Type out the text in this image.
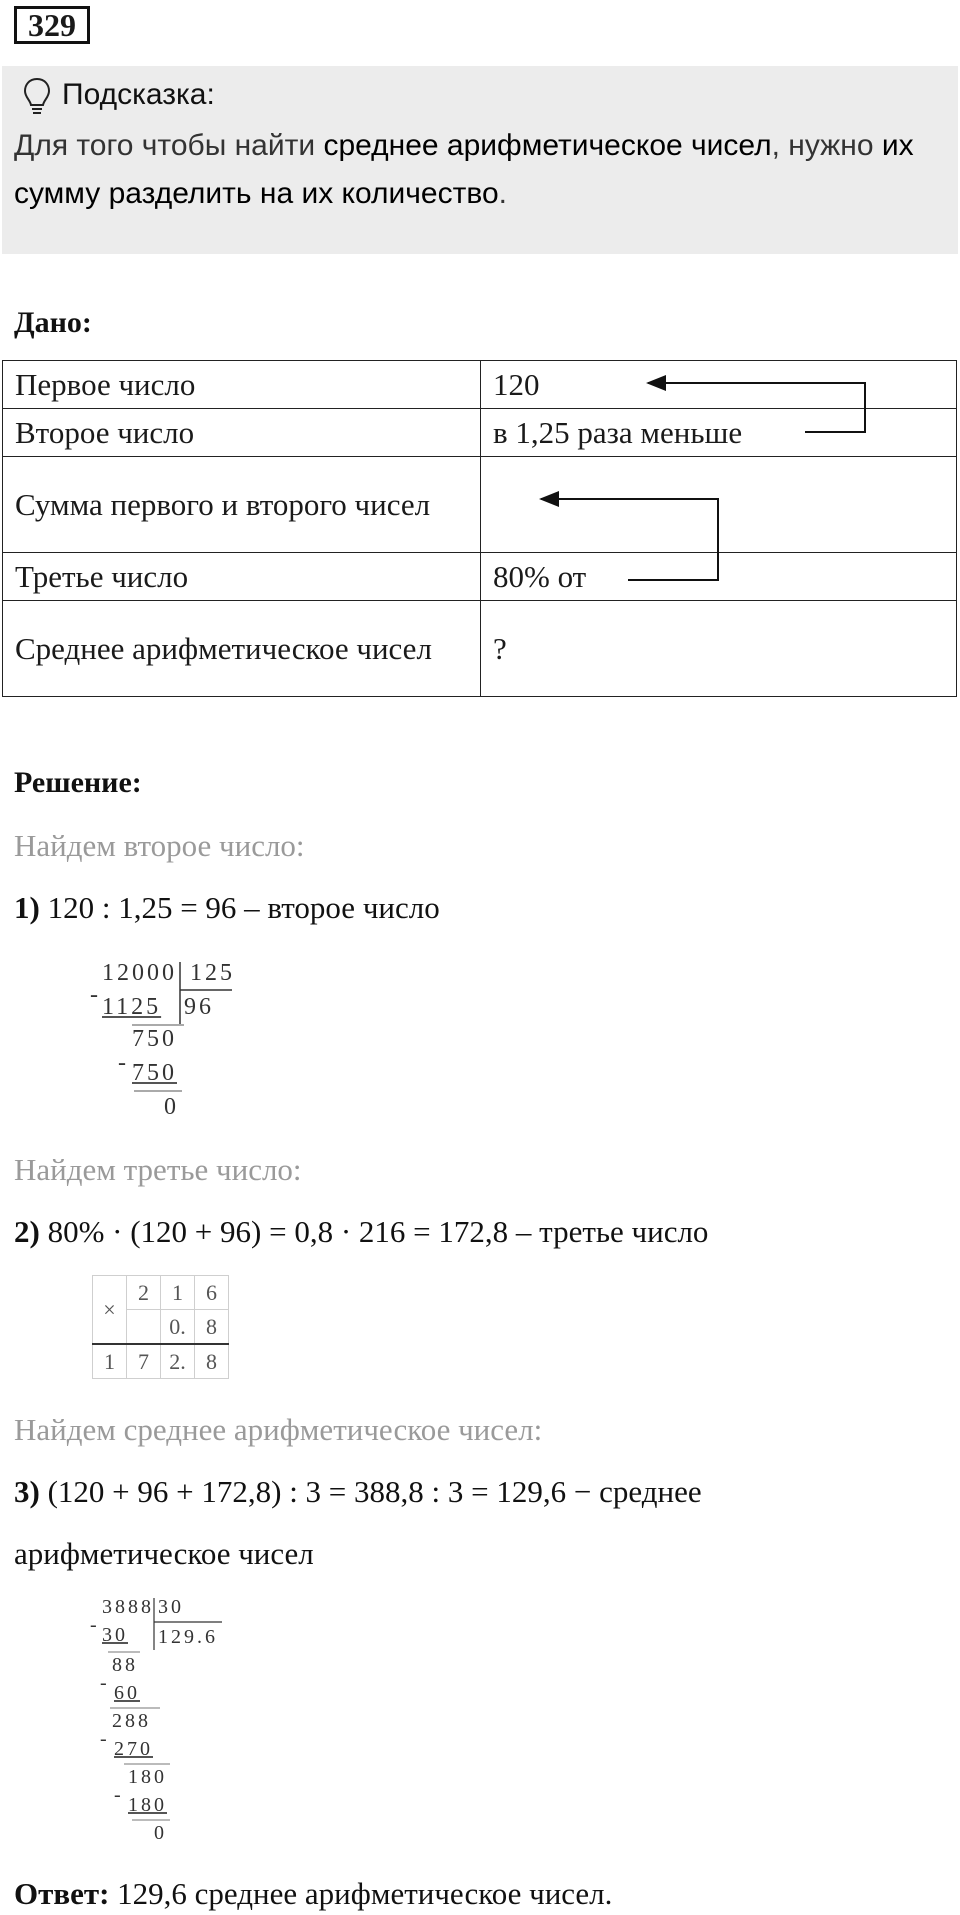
329
Подсказка:
Для того чтобы найти среднее арифметическое чисел, нужно их сумму разделить на их количество.
Дано:
Первое число	120
Второе число	в 1,25 раза меньше
Сумма первого и второго чисел	
Третье число	80% от
Среднее арифметическое чисел	?
Решение:
Найдем второе число:
1) 120 : 1,25 = 96 – второе число
12000 125
- 1125 96
750
- 750
0
Найдем третье число:
2) 80% · (120 + 96) = 0,8 · 216 = 172,8 – третье число
×	2	1	6
		0.	8
1	7	2.	8
Найдем среднее арифметическое чисел:
3) (120 + 96 + 172,8) : 3 = 388,8 : 3 = 129,6 − среднее
арифметическое чисел
3888 30
- 30 129.6
88
- 60
288
- 270
180
- 180
0
Ответ: 129,6 среднее арифметическое чисел.
